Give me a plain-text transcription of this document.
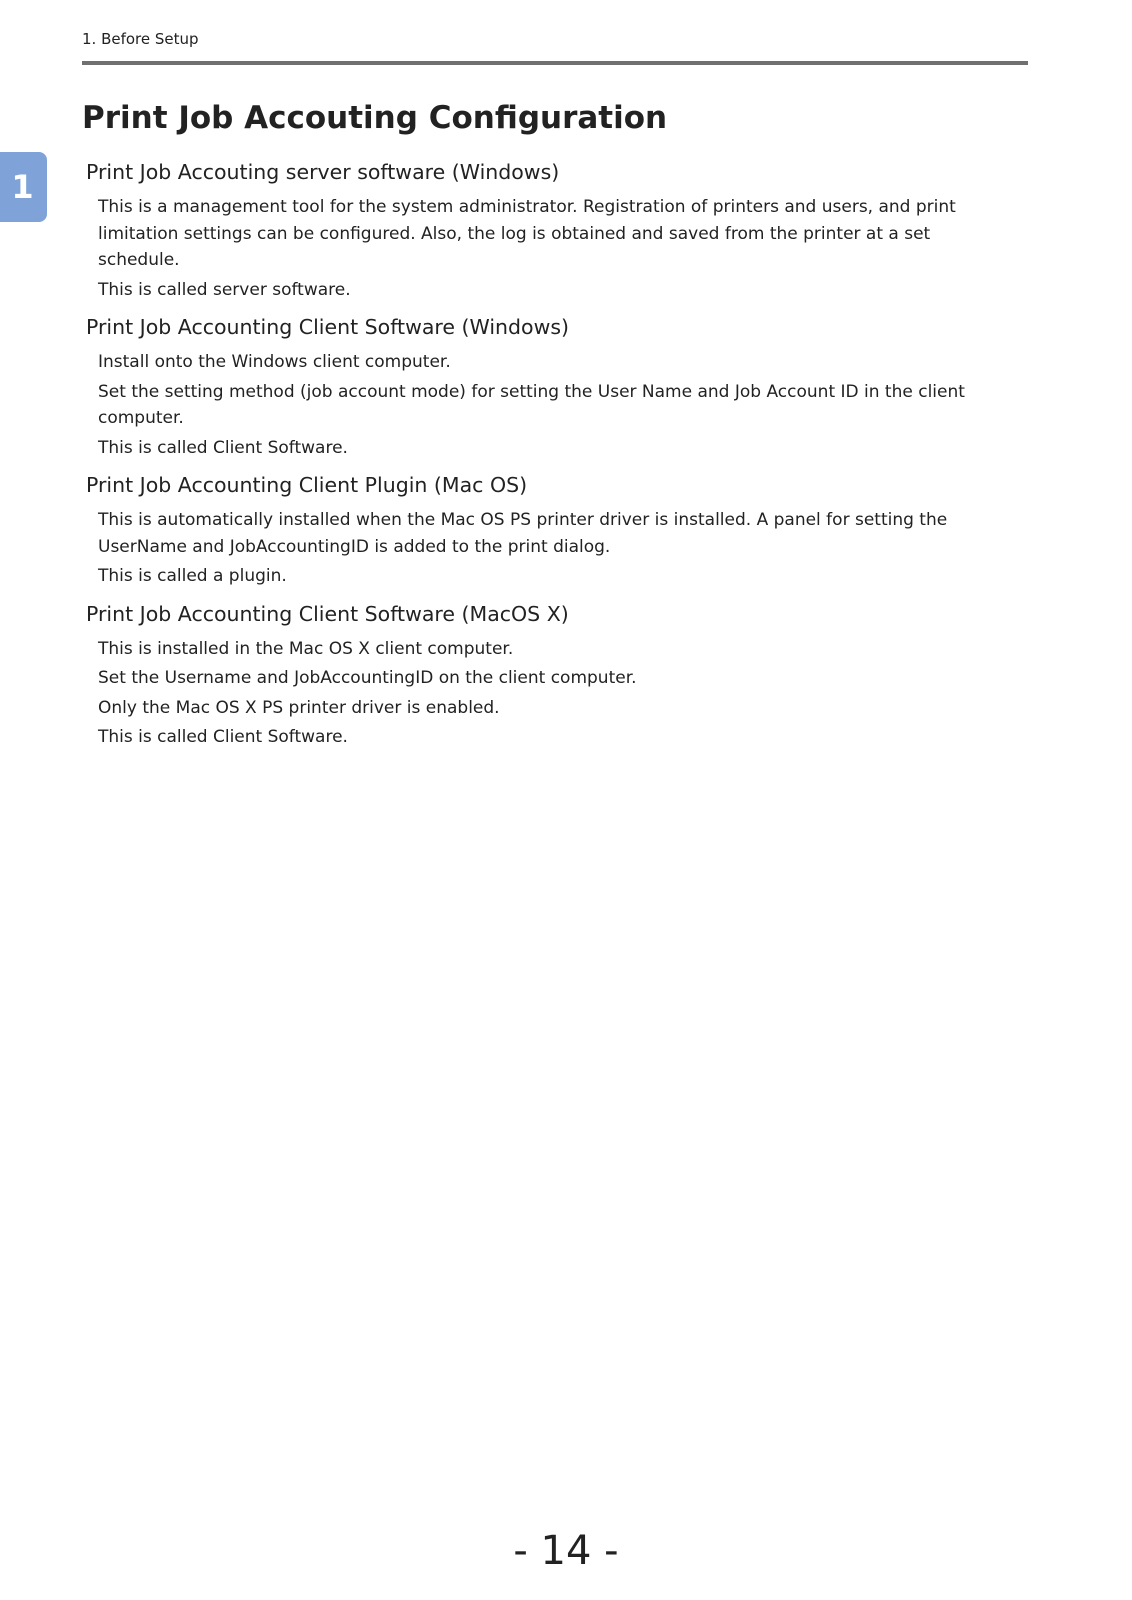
1. Before Setup
1
Print Job Accouting Configuration
Print Job Accouting server software (Windows)

This is a management tool for the system administrator. Registration of printers and users, and print limitation settings can be configured. Also, the log is obtained and saved from the printer at a set schedule.

This is called server software.

Print Job Accounting Client Software (Windows)

Install onto the Windows client computer.

Set the setting method (job account mode) for setting the User Name and Job Account ID in the client computer.

This is called Client Software.

Print Job Accounting Client Plugin (Mac OS)

This is automatically installed when the Mac OS PS printer driver is installed. A panel for setting the UserName and JobAccountingID is added to the print dialog.

This is called a plugin.

Print Job Accounting Client Software (MacOS X)

This is installed in the Mac OS X client computer.

Set the Username and JobAccountingID on the client computer.

Only the Mac OS X PS printer driver is enabled.

This is called Client Software.

- 14 -
